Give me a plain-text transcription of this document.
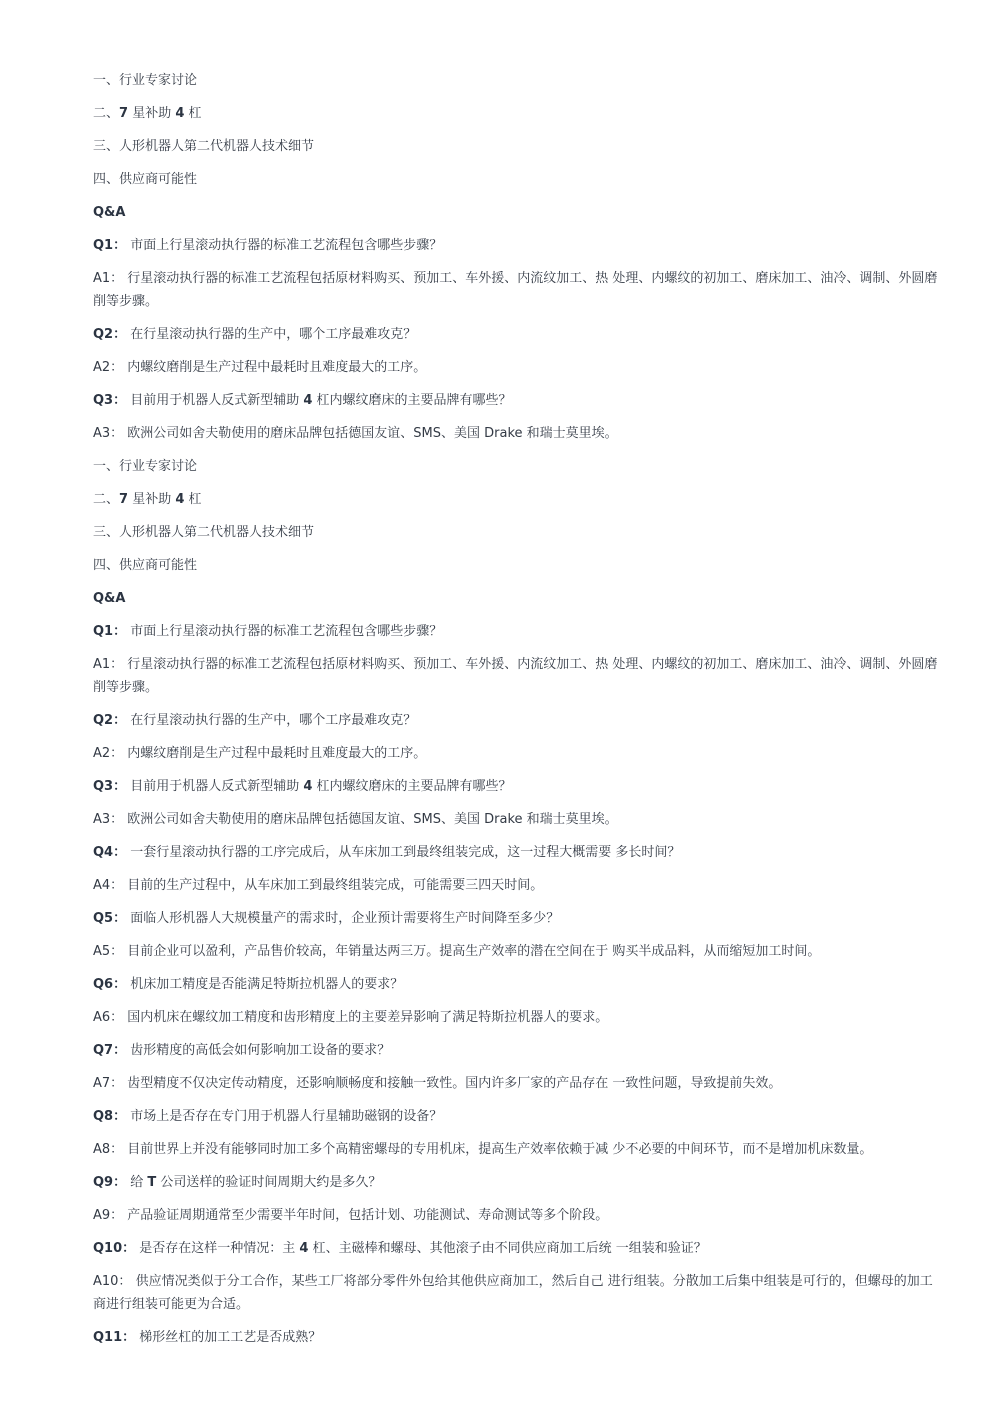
一、行业专家讨论

二、7 星补助 4 杠

三、人形机器人第二代机器人技术细节

四、供应商可能性

Q&A

Q1： 市面上行星滚动执行器的标准工艺流程包含哪些步骤？

A1： 行星滚动执行器的标准工艺流程包括原材料购买、预加工、车外援、内流纹加工、热 处理、内螺纹的初加工、磨床加工、油冷、调制、外圆磨削等步骤。

Q2： 在行星滚动执行器的生产中，哪个工序最难攻克？

A2： 内螺纹磨削是生产过程中最耗时且难度最大的工序。

Q3： 目前用于机器人反式新型辅助 4 杠内螺纹磨床的主要品牌有哪些？

A3： 欧洲公司如舍夫勒使用的磨床品牌包括德国友谊、SMS、美国 Drake 和瑞士莫里埃。

一、行业专家讨论

二、7 星补助 4 杠

三、人形机器人第二代机器人技术细节

四、供应商可能性

Q&A

Q1： 市面上行星滚动执行器的标准工艺流程包含哪些步骤？

A1： 行星滚动执行器的标准工艺流程包括原材料购买、预加工、车外援、内流纹加工、热 处理、内螺纹的初加工、磨床加工、油冷、调制、外圆磨削等步骤。

Q2： 在行星滚动执行器的生产中，哪个工序最难攻克？

A2： 内螺纹磨削是生产过程中最耗时且难度最大的工序。

Q3： 目前用于机器人反式新型辅助 4 杠内螺纹磨床的主要品牌有哪些？

A3： 欧洲公司如舍夫勒使用的磨床品牌包括德国友谊、SMS、美国 Drake 和瑞士莫里埃。

Q4： 一套行星滚动执行器的工序完成后，从车床加工到最终组装完成，这一过程大概需要 多长时间？

A4： 目前的生产过程中，从车床加工到最终组装完成，可能需要三四天时间。

Q5： 面临人形机器人大规模量产的需求时，企业预计需要将生产时间降至多少？

A5： 目前企业可以盈利，产品售价较高，年销量达两三万。提高生产效率的潜在空间在于 购买半成品料，从而缩短加工时间。

Q6： 机床加工精度是否能满足特斯拉机器人的要求？

A6： 国内机床在螺纹加工精度和齿形精度上的主要差异影响了满足特斯拉机器人的要求。

Q7： 齿形精度的高低会如何影响加工设备的要求？

A7： 齿型精度不仅决定传动精度，还影响顺畅度和接触一致性。国内许多厂家的产品存在 一致性问题，导致提前失效。

Q8： 市场上是否存在专门用于机器人行星辅助磁钢的设备？

A8： 目前世界上并没有能够同时加工多个高精密螺母的专用机床，提高生产效率依赖于减 少不必要的中间环节，而不是增加机床数量。

Q9： 给 T 公司送样的验证时间周期大约是多久？

A9： 产品验证周期通常至少需要半年时间，包括计划、功能测试、寿命测试等多个阶段。

Q10： 是否存在这样一种情况：主 4 杠、主磁棒和螺母、其他滚子由不同供应商加工后统 一组装和验证？

A10： 供应情况类似于分工合作，某些工厂将部分零件外包给其他供应商加工，然后自己 进行组装。分散加工后集中组装是可行的，但螺母的加工商进行组装可能更为合适。

Q11： 梯形丝杠的加工工艺是否成熟？
